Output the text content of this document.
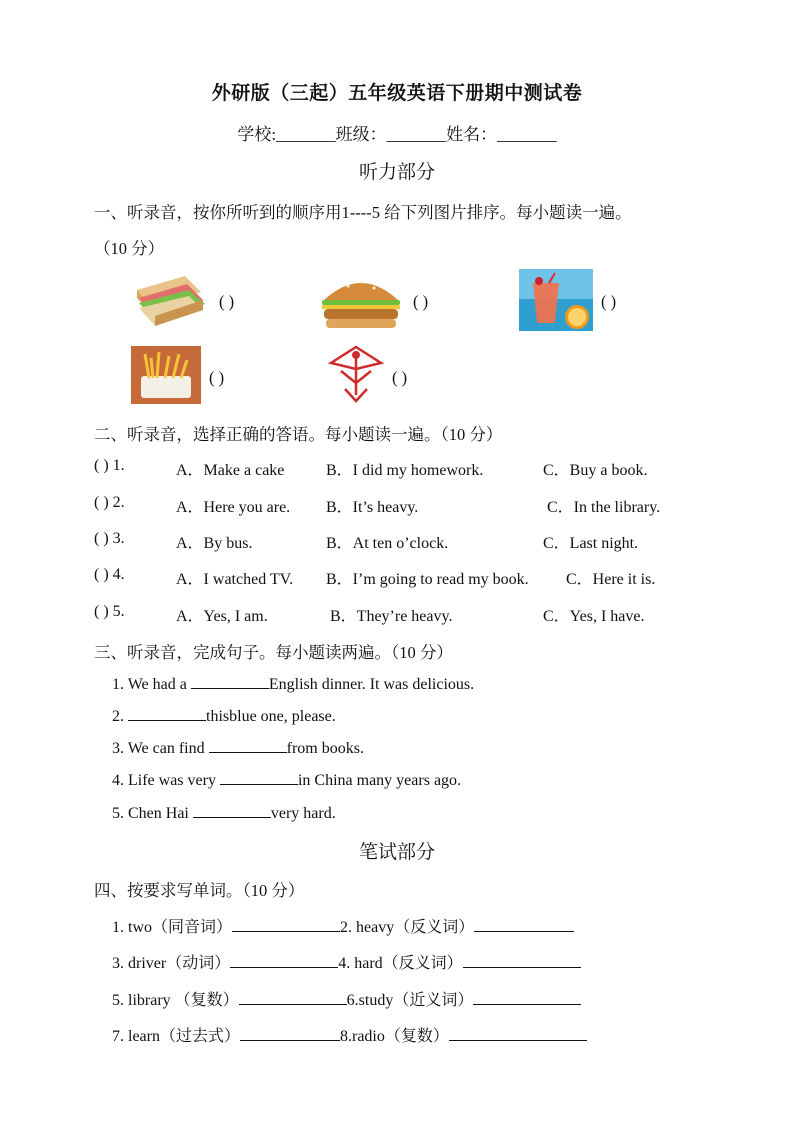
外研版（三起）五年级英语下册期中测试卷
学校:_______班级：_______姓名：_______
听力部分
一、听录音，按你所听到的顺序用1----5 给下列图片排序。每小题读一遍。
（10 分）
( )	( )	( )
( )	( )
二、听录音，选择正确的答语。每小题读一遍。（10 分）
( ) 1.	A．Make a cake	B．I did my homework.	C．Buy a book.
( ) 2.	A．Here you are. B．It’s heavy.	C．In the library.
( ) 3.	A．By bus.	B．At ten o’clock.	C．Last night.
( ) 4.	A．I watched TV. B．I’m going to read my book. C．Here it is.
( ) 5.	A．Yes, I am.	B．They’re heavy.	C．Yes, I have.
三、听录音，完成句子。每小题读两遍。（10 分）
1. We had a	English dinner. It was delicious.
2.	thisblue one, please.
3. We can find	from books.
4. Life was very	in China many years ago.
5. Chen Hai	very hard.
笔试部分
四、按要求写单词。（10 分）
1. two（同音词）	2. heavy（反义词）
3. driver（动词）	4. hard（反义词）
5. library （复数）	6.study（近义词）
7. learn（过去式）	8.radio（复数）
